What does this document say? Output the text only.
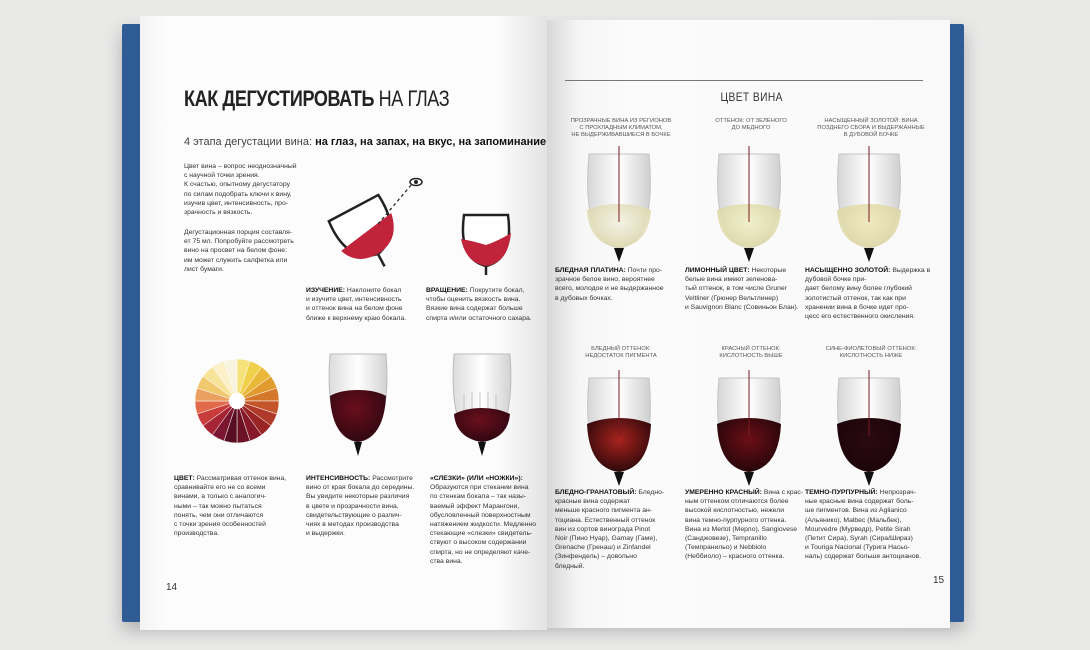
КАК ДЕГУСТИРОВАТЬ НА ГЛАЗ
4 этапа дегустации вина: на глаз, на запах, на вкус, на запоминание
Цвет вина – вопрос неоднозначный
с научной точки зрения.
К счастью, опытному дегустатору
по силам подобрать ключи к вину,
изучив цвет, интенсивность, про-
зрачность и вязкость.

Дегустационная порция составля-
ет 75 мл. Попробуйте рассмотреть
вино на просвет на белом фоне:
им может служить салфетка или
лист бумаги.

ИЗУЧЕНИЕ: Наклоните бокал
и изучите цвет, интенсивность
и оттенок вина на белом фоне
ближе к верхнему краю бокала.

ВРАЩЕНИЕ: Покрутите бокал,
чтобы оценить вязкость вина.
Вязкие вина содержат больше
спирта и/или остаточного сахара.

ЦВЕТ: Рассматривая оттенок вина,
сравнивайте его не со всеми
винами, а только с аналогич-
ными – так можно пытаться
понять, чем они отличаются
с точки зрения особенностей
производства.

ИНТЕНСИВНОСТЬ: Рассмотрите
вино от края бокала до середины.
Вы увидите некоторые различия
в цвете и прозрачности вина,
свидетельствующие о различ-
чиях в методах производства
и выдержки.

«СЛЕЗКИ» (ИЛИ «НОЖКИ»): Образуются при стекании вина
по стенкам бокала – так назы-
ваемый эффект Марангони,
обусловленный поверхностным
натяжением жидкости. Медленно
стекающие «слезки» свидетель-
ствуют о высоком содержании
спирта, но не определяют каче-
ства вина.

14
ЦВЕТ ВИНА
ПРОЗРАЧНЫЕ ВИНА ИЗ РЕГИОНОВ
С ПРОХЛАДНЫМ КЛИМАТОМ,
НЕ ВЫДЕРЖИВАВШИЕСЯ В БОЧКЕ

БЛЕДНАЯ ПЛАТИНА: Почти про-
зрачное белое вино, вероятнее
всего, молодое и не выдержанное
в дубовых бочках.

ОТТЕНОК: ОТ ЗЕЛЕНОГО
ДО МЕДНОГО

ЛИМОННЫЙ ЦВЕТ: Некоторые
белые вина имеют зеленова-
тый оттенок, в том числе Gruner
Veltliner (Грюнер Вельтлинер)
и Sauvignon Blanc (Совиньон Блан).

НАСЫЩЕННЫЙ ЗОЛОТОЙ: ВИНА
ПОЗДНЕГО СБОРА И ВЫДЕРЖАННЫЕ
В ДУБОВОЙ БОЧКЕ

НАСЫЩЕННО ЗОЛОТОЙ: Выдержка в дубовой бочке при-
дает белому вину более глубокий
золотистый оттенок, так как при
хранении вина в бочке идет про-
цесс его естественного окисления.

БЛЕДНЫЙ ОТТЕНОК:
НЕДОСТАТОК ПИГМЕНТА

БЛЕДНО-ГРАНАТОВЫЙ: Бледно-красные вина содержат
меньше красного пигмента ан-
тоциана. Естественный оттенок
вин из сортов винограда Pinot
Noir (Пино Нуар), Gamay (Гаме),
Grenache (Гренаш) и Zinfandel
(Зинфендель) – довольно
бледный.

КРАСНЫЙ ОТТЕНОК:
КИСЛОТНОСТЬ ВЫШЕ

УМЕРЕННО КРАСНЫЙ: Вина с крас-
ным оттенком отличаются более
высокой кислотностью, нежели
вина темно-пурпурного оттенка.
Вина из Merlot (Мерло), Sangiovese
(Санджовезе), Tempranillo
(Темпранильо) и Nebbiolo
(Неббиоло) – красного оттенка.

СИНЕ-ФИОЛЕТОВЫЙ ОТТЕНОК:
КИСЛОТНОСТЬ НИЖЕ

ТЕМНО-ПУРПУРНЫЙ: Непрозрач-
ные красные вина содержат боль-
ше пигментов. Вина из Aglianico
(Альянико), Malbec (Мальбек),
Mourvedre (Мурведр), Petite Sirah
(Петит Сира), Syrah (Сира/Шираз)
и Touriga Nacional (Турига Насьо-
наль) содержат больше антоцианов.

15
